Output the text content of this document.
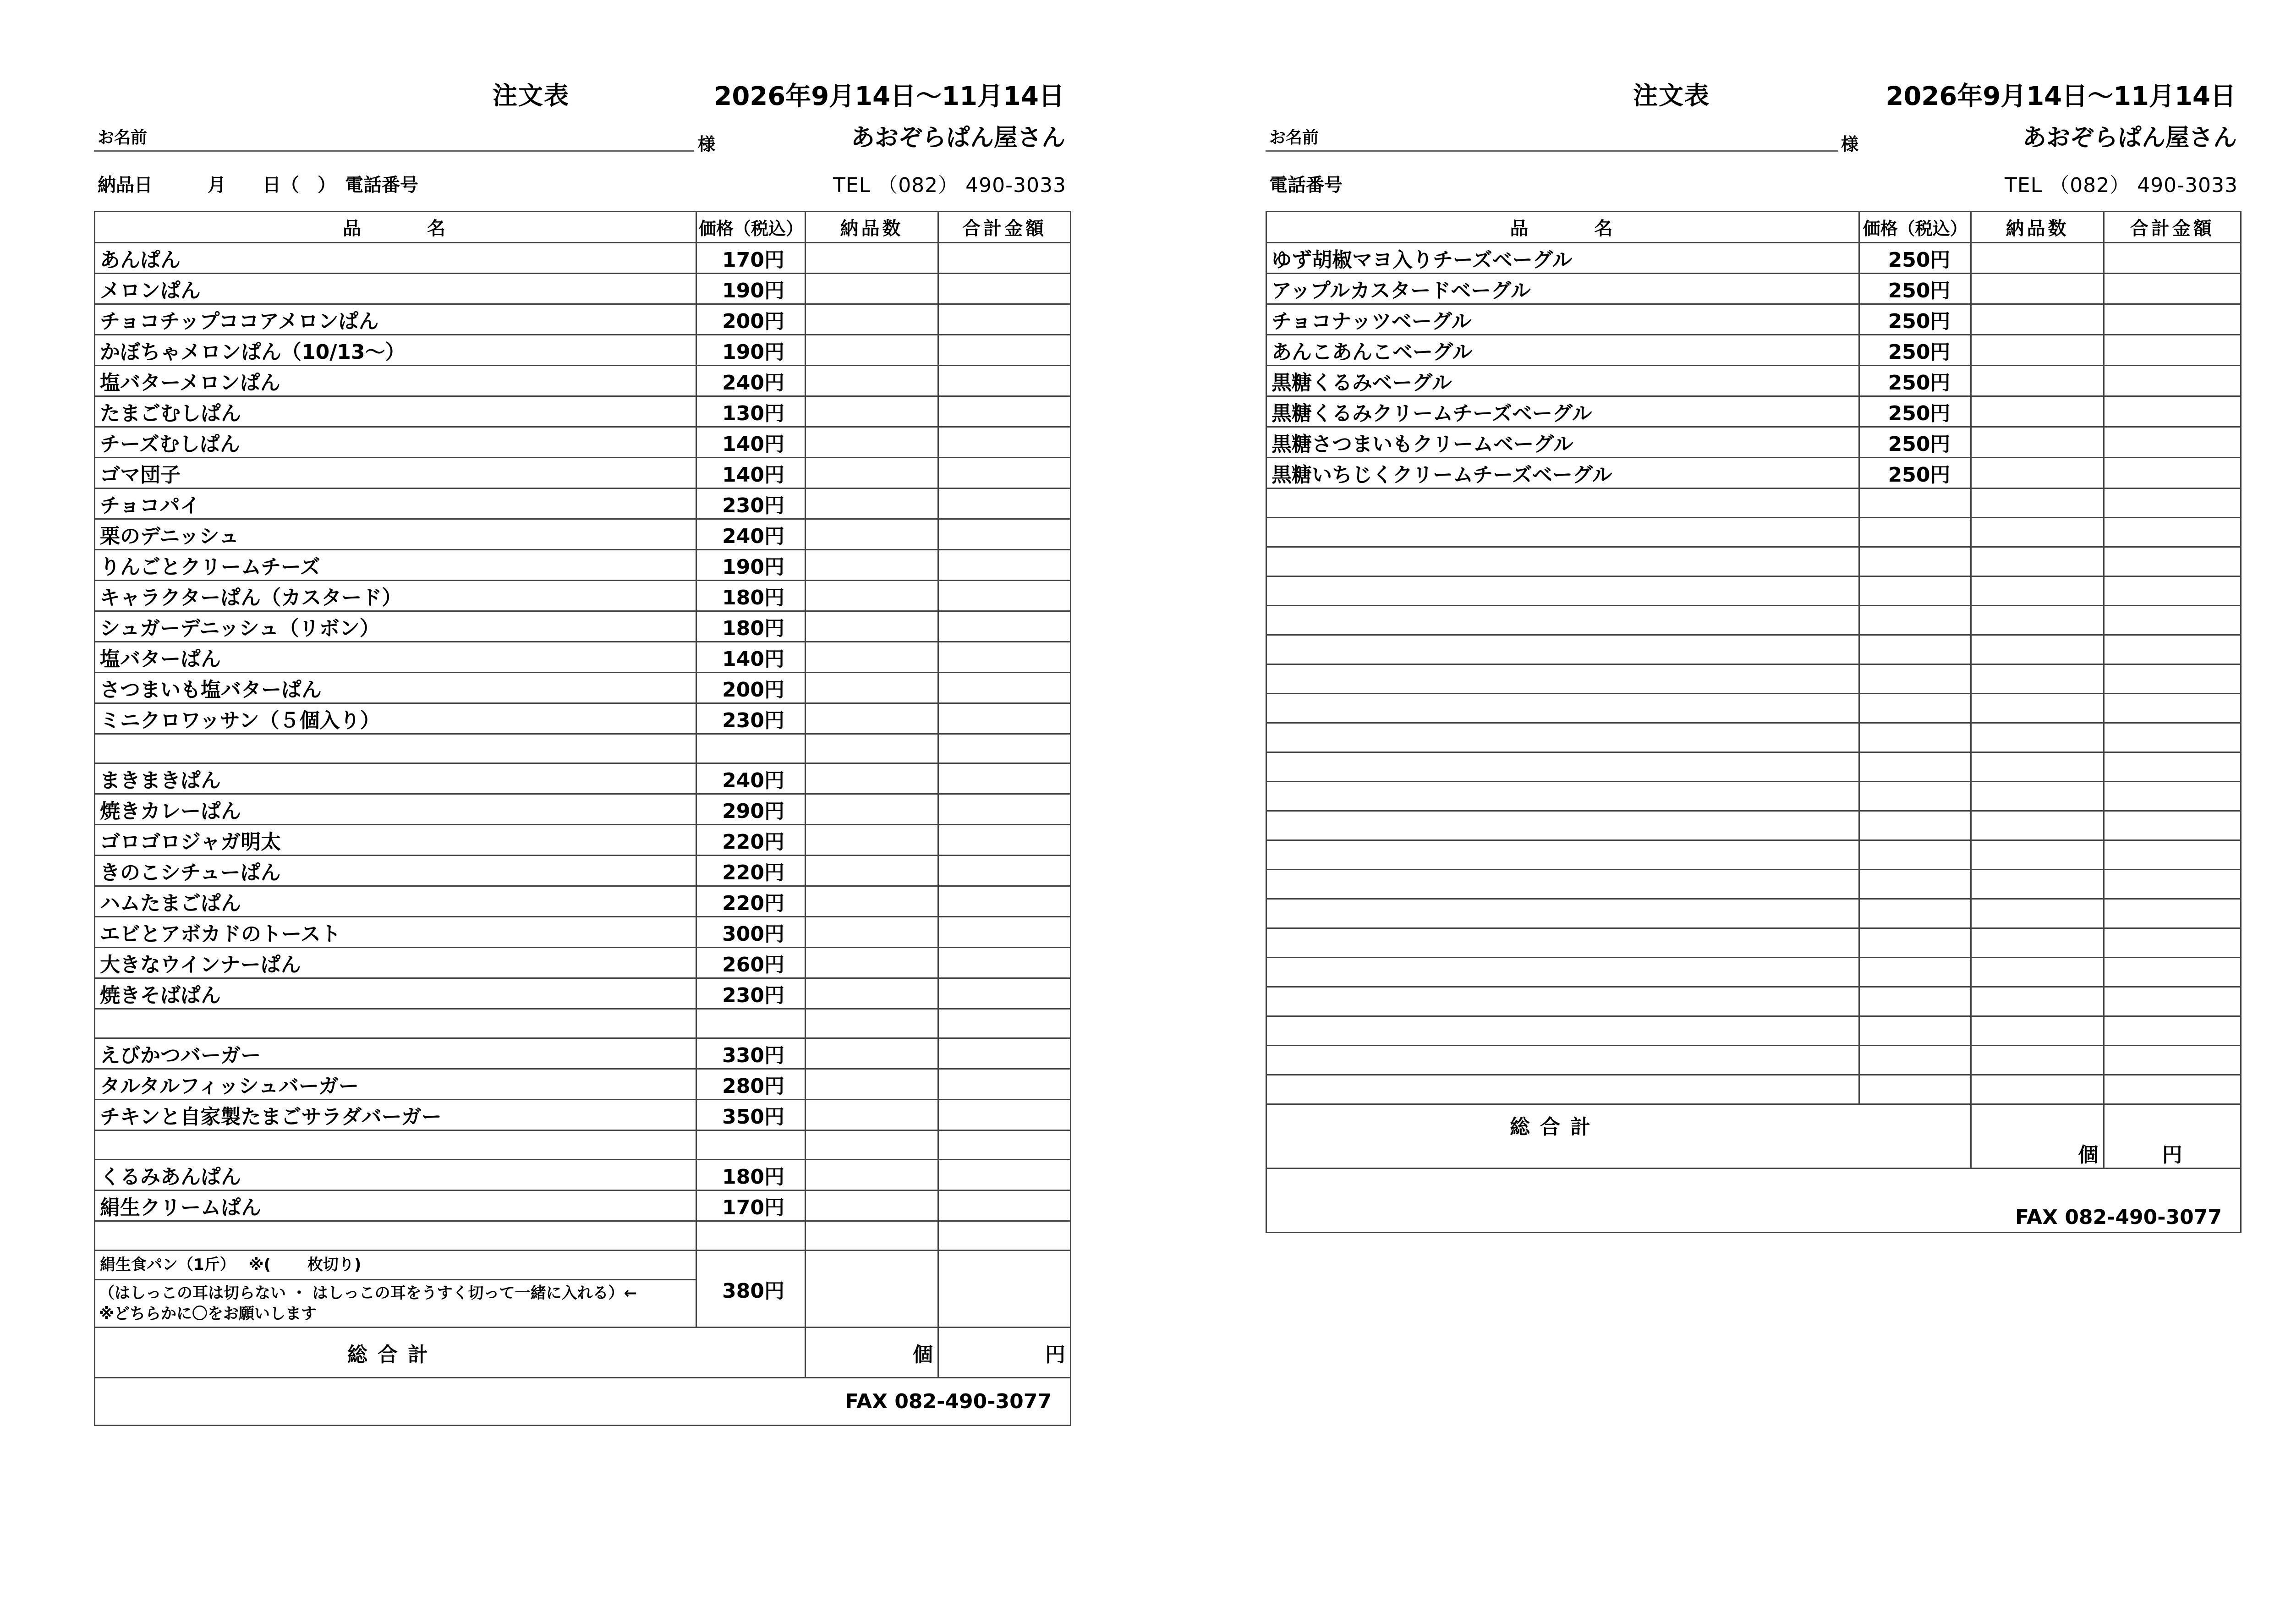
注文表	2026年9月14日～11月14日
お名前	様	あおぞらぱん屋さん
納品日　　　月　　日（　）　電話番号	TEL （082） 490-3033
品　　　名	価格（税込）	納品数	合計金額
あんぱん	170円		
メロンぱん	190円		
チョコチップココアメロンぱん	200円		
かぼちゃメロンぱん（10/13～）	190円		
塩バターメロンぱん	240円		
たまごむしぱん	130円		
チーズむしぱん	140円		
ゴマ団子	140円		
チョコパイ	230円		
栗のデニッシュ	240円		
りんごとクリームチーズ	190円		
キャラクターぱん（カスタード）	180円		
シュガーデニッシュ（リボン）	180円		
塩バターぱん	140円		
さつまいも塩バターぱん	200円		
ミニクロワッサン（５個入り）	230円		

まきまきぱん	240円		
焼きカレーぱん	290円		
ゴロゴロジャガ明太	220円		
きのこシチューぱん	220円		
ハムたまごぱん	220円		
エビとアボカドのトースト	300円		
大きなウインナーぱん	260円		
焼きそばぱん	230円		

えびかつバーガー	330円		
タルタルフィッシュバーガー	280円		
チキンと自家製たまごサラダバーガー	350円		

くるみあんぱん	180円		
絹生クリームぱん	170円		

絹生食パン（1斤）　 ※(　　 枚切り)	380円		

（はしっこの耳は切らない ・ はしっこの耳をうすく切って一緒に入れる）←
※どちらかに〇をお願いします			

総合計		個	円
FAX 082-490-3077			
注文表	2026年9月14日～11月14日
お名前	様	あおぞらぱん屋さん
電話番号	TEL （082） 490-3033
品　　　名	価格（税込）	納品数	合計金額
ゆず胡椒マヨ入りチーズベーグル	250円		
アップルカスタードベーグル	250円		
チョコナッツベーグル	250円		
あんこあんこベーグル	250円		
黒糖くるみベーグル	250円		
黒糖くるみクリームチーズベーグル	250円		
黒糖さつまいもクリームベーグル	250円		
黒糖いちじくクリームチーズベーグル	250円		

総合計		個	円
FAX 082-490-3077			
